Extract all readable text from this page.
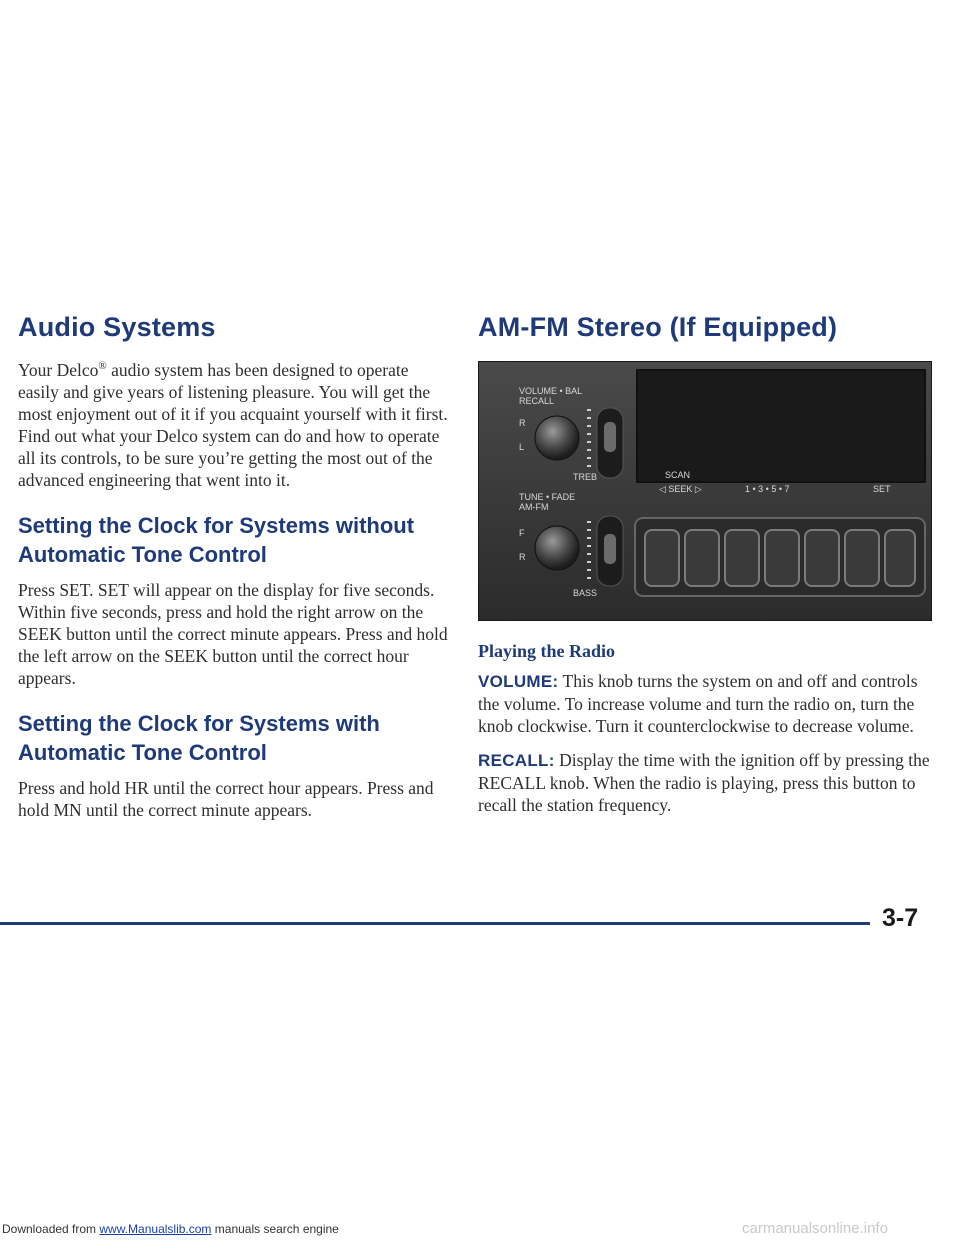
Audio Systems

Your Delco® audio system has been designed to operate easily and give years of listening pleasure. You will get the most enjoyment out of it if you acquaint yourself with it first. Find out what your Delco system can do and how to operate all its controls, to be sure you’re getting the most out of the advanced engineering that went into it.

Setting the Clock for Systems without Automatic Tone Control

Press SET. SET will appear on the display for five seconds. Within five seconds, press and hold the right arrow on the SEEK button until the correct minute appears. Press and hold the left arrow on the SEEK button until the correct hour appears.

Setting the Clock for Systems with Automatic Tone Control

Press and hold HR until the correct hour appears. Press and hold MN until the correct minute appears.

AM-FM Stereo (If Equipped)
VOLUME • BAL
RECALL
R
L
TREB
TUNE • FADE
AM-FM
F
R
BASS
SCAN
◁ SEEK ▷	1 • 3 • 5 • 7	SET
Playing the Radio

VOLUME: This knob turns the system on and off and controls the volume. To increase volume and turn the radio on, turn the knob clockwise. Turn it counterclockwise to decrease volume.

RECALL: Display the time with the ignition off by pressing the RECALL knob. When the radio is playing, press this button to recall the station frequency.

3-7
Downloaded from www.Manualslib.com manuals search engine	carmanualsonline.info
